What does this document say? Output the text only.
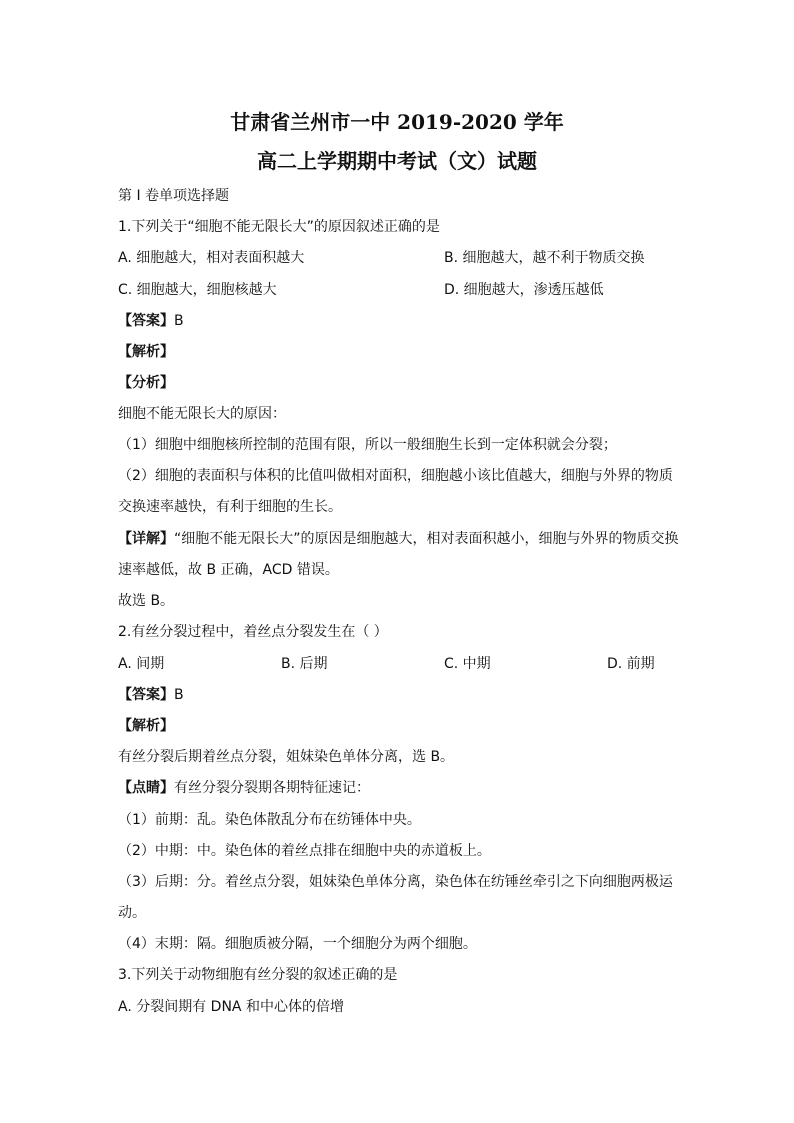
甘肃省兰州市一中 2019-2020 学年
高二上学期期中考试（文）试题
第 I 卷单项选择题
1.下列关于“细胞不能无限长大”的原因叙述正确的是
A. 细胞越大，相对表面积越大	B. 细胞越大，越不利于物质交换
C. 细胞越大，细胞核越大	D. 细胞越大，渗透压越低
【答案】B
【解析】
【分析】
细胞不能无限长大的原因：
（1）细胞中细胞核所控制的范围有限，所以一般细胞生长到一定体积就会分裂；
（2）细胞的表面积与体积的比值叫做相对面积，细胞越小该比值越大，细胞与外界的物质
交换速率越快，有利于细胞的生长。
【详解】“细胞不能无限长大”的原因是细胞越大，相对表面积越小，细胞与外界的物质交换
速率越低，故 B 正确，ACD 错误。
故选 B。
2.有丝分裂过程中，着丝点分裂发生在（ ）
A. 间期	B. 后期	C. 中期	D. 前期
【答案】B
【解析】
有丝分裂后期着丝点分裂，姐妹染色单体分离，选 B。
【点睛】有丝分裂分裂期各期特征速记：
（1）前期：乱。染色体散乱分布在纺锤体中央。
（2）中期：中。染色体的着丝点排在细胞中央的赤道板上。
（3）后期：分。着丝点分裂，姐妹染色单体分离，染色体在纺锤丝牵引之下向细胞两极运
动。
（4）末期：隔。细胞质被分隔，一个细胞分为两个细胞。
3.下列关于动物细胞有丝分裂的叙述正确的是
A. 分裂间期有 DNA 和中心体的倍增
